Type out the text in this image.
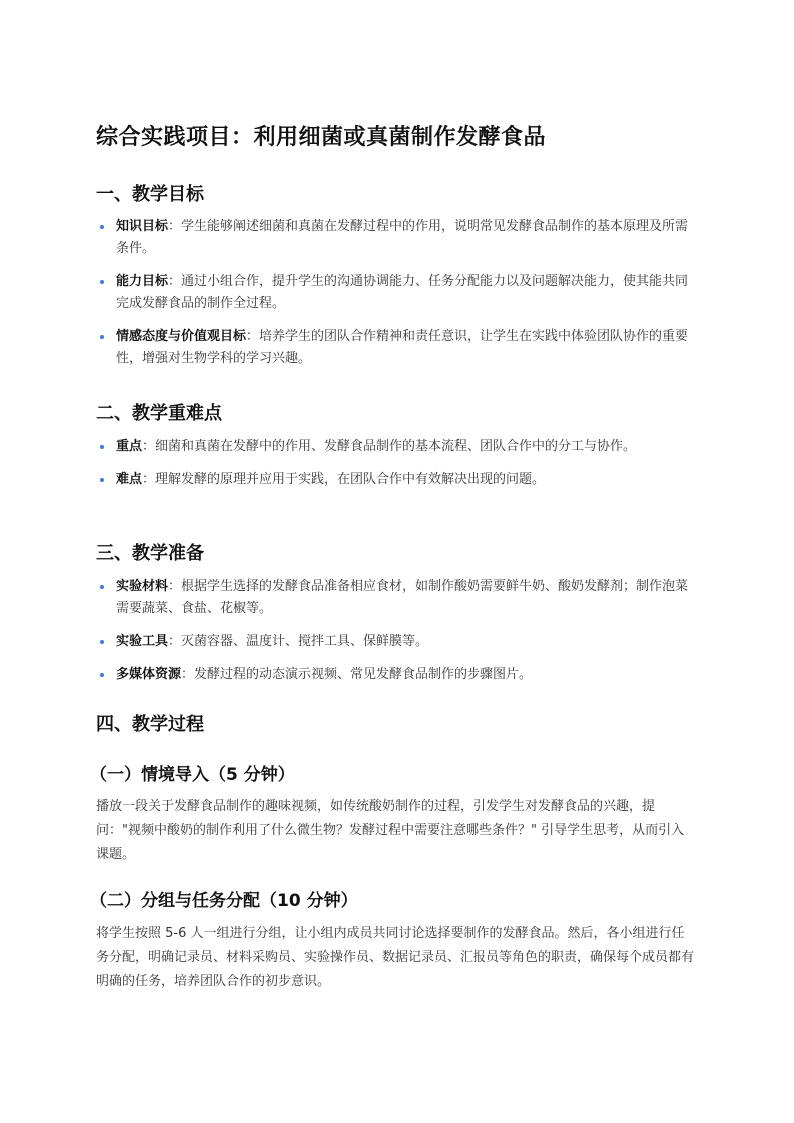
综合实践项目：利用细菌或真菌制作发酵食品
一、教学目标
知识目标：学生能够阐述细菌和真菌在发酵过程中的作用，说明常见发酵食品制作的基本原理及所需条件。
能力目标：通过小组合作，提升学生的沟通协调能力、任务分配能力以及问题解决能力，使其能共同完成发酵食品的制作全过程。
情感态度与价值观目标：培养学生的团队合作精神和责任意识，让学生在实践中体验团队协作的重要性，增强对生物学科的学习兴趣。
二、教学重难点
重点：细菌和真菌在发酵中的作用、发酵食品制作的基本流程、团队合作中的分工与协作。
难点：理解发酵的原理并应用于实践，在团队合作中有效解决出现的问题。
三、教学准备
实验材料：根据学生选择的发酵食品准备相应食材，如制作酸奶需要鲜牛奶、酸奶发酵剂；制作泡菜需要蔬菜、食盐、花椒等。
实验工具：灭菌容器、温度计、搅拌工具、保鲜膜等。
多媒体资源：发酵过程的动态演示视频、常见发酵食品制作的步骤图片。
四、教学过程
（一）情境导入（5 分钟）
播放一段关于发酵食品制作的趣味视频，如传统酸奶制作的过程，引发学生对发酵食品的兴趣，提问："视频中酸奶的制作利用了什么微生物？发酵过程中需要注意哪些条件？" 引导学生思考，从而引入课题。
（二）分组与任务分配（10 分钟）
将学生按照 5-6 人一组进行分组，让小组内成员共同讨论选择要制作的发酵食品。然后，各小组进行任务分配，明确记录员、材料采购员、实验操作员、数据记录员、汇报员等角色的职责，确保每个成员都有明确的任务，培养团队合作的初步意识。
